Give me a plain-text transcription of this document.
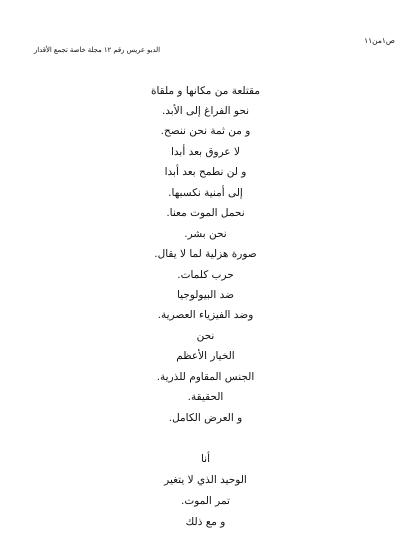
ص١من١١
الدبو عريس رقم ١٢ مجلة خاصة تجمع الأقدار
مقتلعة من مكانها و ملقاة
نحو الفراغ إلى الأبد.
و من ثمة نحن ننصح.
لا عروق بعد أبدا
و لن نطمح بعد أبدا
إلى أمنية نكسبها.
نحمل الموت معنا.
نحن بشر.
صورة هزلية لما لا يقال.
حرب كلمات.
ضد البيولوجيا
وضد الفيزياء العصرية.
نحن
الخيار الأعظم
الجنس المقاوم للذرية.
الحقيقة.
و العرض الكامل.
أنا
الوحيد الذي لا يتغير
تمر الموت.
و مع ذلك
